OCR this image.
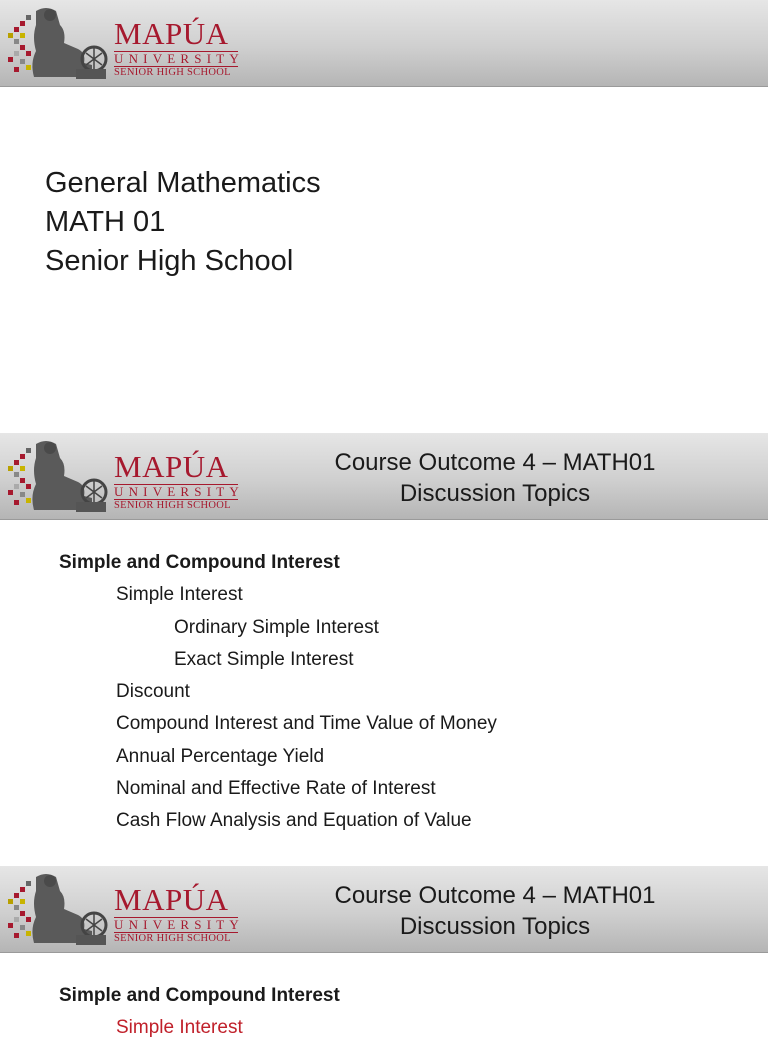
MAPÚA
UNIVERSITY
SENIOR HIGH SCHOOL
General Mathematics
MATH 01
Senior High School
MAPÚA
UNIVERSITY
SENIOR HIGH SCHOOL
Course Outcome 4 – MATH01
Discussion Topics
Simple and Compound Interest
Simple Interest
Ordinary Simple Interest
Exact Simple Interest
Discount
Compound Interest and Time Value of Money
Annual Percentage Yield
Nominal and Effective Rate of Interest
Cash Flow Analysis and Equation of Value
MAPÚA
UNIVERSITY
SENIOR HIGH SCHOOL
Course Outcome 4 – MATH01
Discussion Topics
Simple and Compound Interest
Simple Interest
